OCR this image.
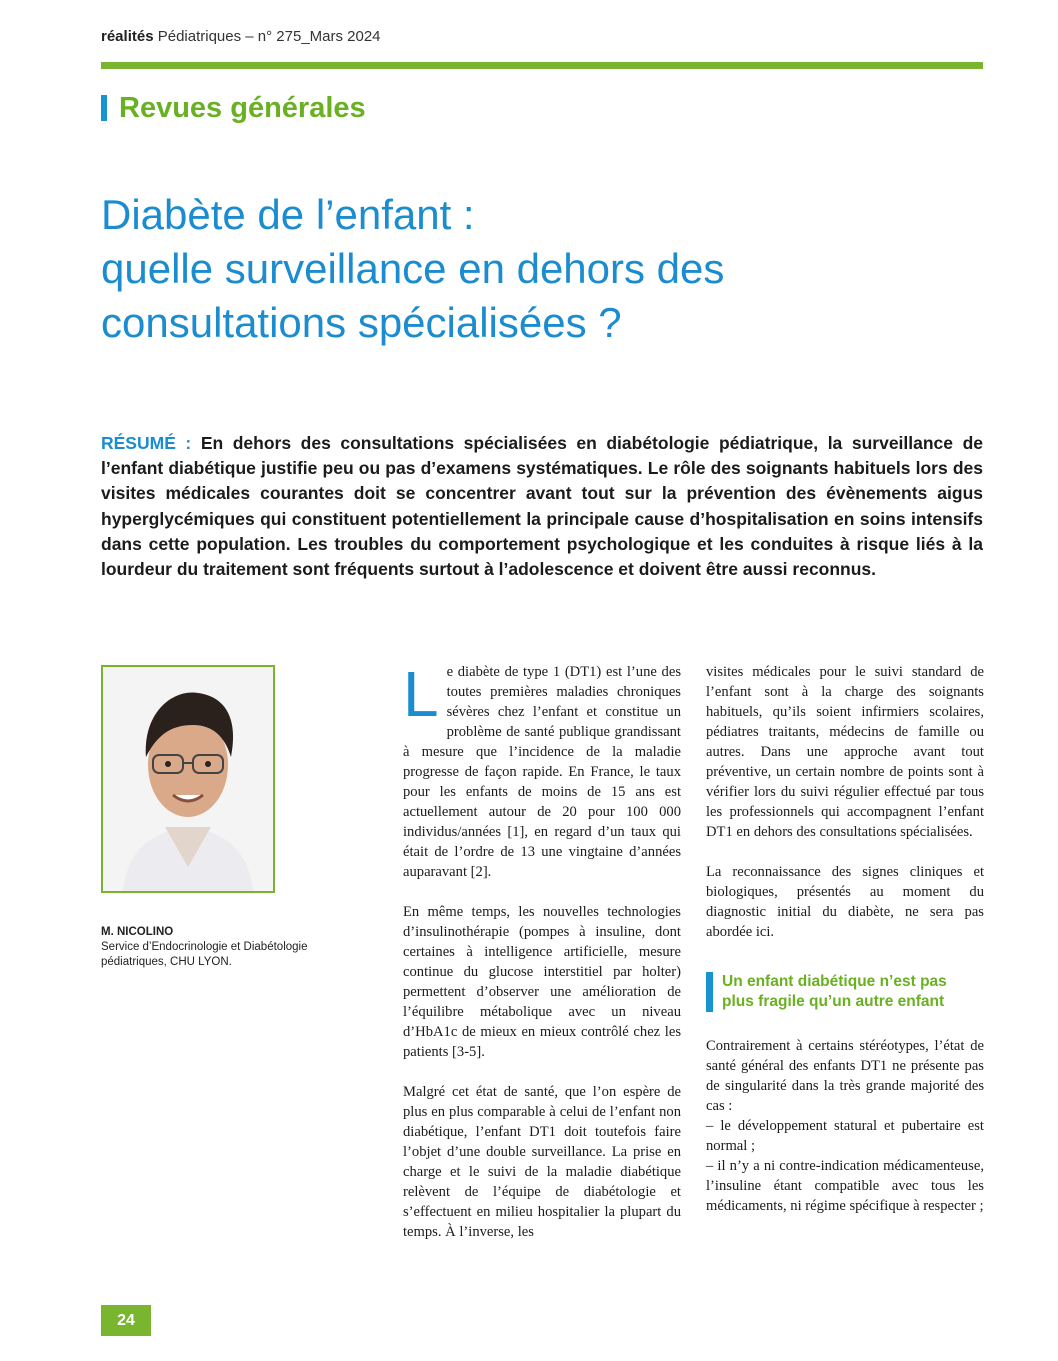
réalités Pédiatriques – n° 275_Mars 2024
Revues générales
Diabète de l’enfant :
quelle surveillance en dehors des
consultations spécialisées ?
RÉSUMÉ : En dehors des consultations spécialisées en diabétologie pédiatrique, la surveillance de l’enfant diabétique justifie peu ou pas d’examens systématiques. Le rôle des soignants habituels lors des visites médicales courantes doit se concentrer avant tout sur la prévention des évènements aigus hyperglycémiques qui constituent potentiellement la principale cause d’hospitalisation en soins intensifs dans cette population. Les troubles du comportement psychologique et les conduites à risque liés à la lourdeur du traitement sont fréquents surtout à l’adolescence et doivent être aussi reconnus.
M. NICOLINO
Service d’Endocrinologie et Diabétologie
pédiatriques, CHU LYON.

Le diabète de type 1 (DT1) est l’une des toutes premières maladies chroniques sévères chez l’enfant et constitue un problème de santé publique grandissant à mesure que l’incidence de la maladie progresse de façon rapide. En France, le taux pour les enfants de moins de 15 ans est actuellement autour de 20 pour 100 000 individus/années [1], en regard d’un taux qui était de l’ordre de 13 une vingtaine d’années auparavant [2].

En même temps, les nouvelles technologies d’insulinothérapie (pompes à insuline, dont certaines à intelligence artificielle, mesure continue du glucose interstitiel par holter) permettent d’observer une amélioration de l’équilibre métabolique avec un niveau d’HbA1c de mieux en mieux contrôlé chez les patients [3-5].

Malgré cet état de santé, que l’on espère de plus en plus comparable à celui de l’enfant non diabétique, l’enfant DT1 doit toutefois faire l’objet d’une double surveillance. La prise en charge et le suivi de la maladie diabétique relèvent de l’équipe de diabétologie et s’effectuent en milieu hospitalier la plupart du temps. À l’inverse, les

visites médicales pour le suivi standard de l’enfant sont à la charge des soignants habituels, qu’ils soient infirmiers scolaires, pédiatres traitants, médecins de famille ou autres. Dans une approche avant tout préventive, un certain nombre de points sont à vérifier lors du suivi régulier effectué par tous les professionnels qui accompagnent l’enfant DT1 en dehors des consultations spécialisées.

La reconnaissance des signes cliniques et biologiques, présentés au moment du diagnostic initial du diabète, ne sera pas abordée ici.

Un enfant diabétique n’est pas
plus fragile qu’un autre enfant

Contrairement à certains stéréotypes, l’état de santé général des enfants DT1 ne présente pas de singularité dans la très grande majorité des cas :

– le développement statural et pubertaire est normal ;

– il n’y a ni contre-indication médicamenteuse, l’insuline étant compatible avec tous les médicaments, ni régime spécifique à respecter ;

24
